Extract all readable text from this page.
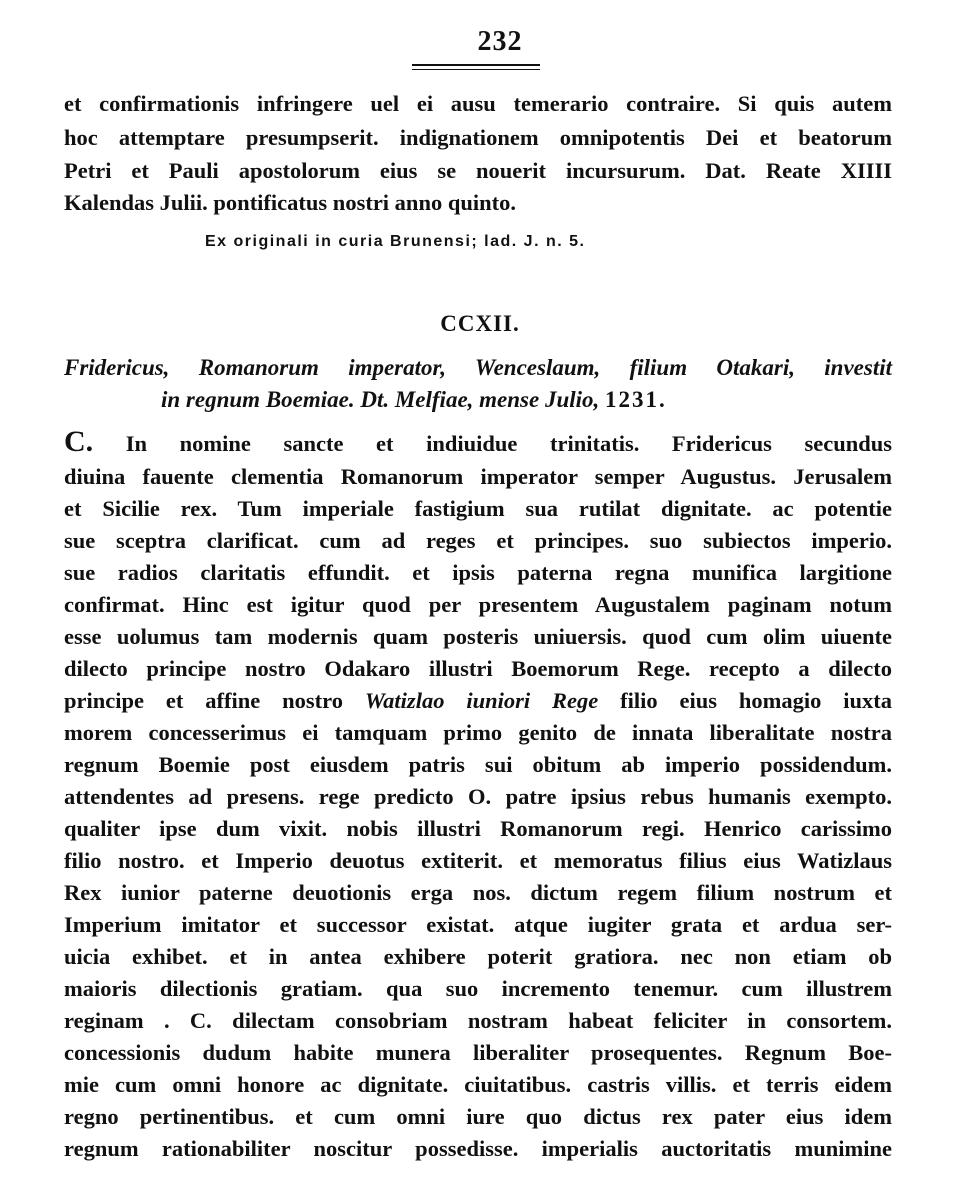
232
et confirmationis infringere uel ei ausu temerario contraire. Si quis autem
hoc attemptare presumpserit. indignationem omnipotentis Dei et beatorum
Petri et Pauli apostolorum eius se nouerit incursurum. Dat. Reate XIIII
Kalendas Julii. pontificatus nostri anno quinto.
Ex originali in curia Brunensi; lad. J. n. 5.
CCXII.
Fridericus, Romanorum imperator, Wenceslaum, filium Otakari, investit
in regnum Boemiae. Dt. Melfiae, mense Julio, 1231.
C. In nomine sancte et indiuidue trinitatis. Fridericus secundus
diuina fauente clementia Romanorum imperator semper Augustus. Jerusalem
et Sicilie rex. Tum imperiale fastigium sua rutilat dignitate. ac potentie
sue sceptra clarificat. cum ad reges et principes. suo subiectos imperio.
sue radios claritatis effundit. et ipsis paterna regna munifica largitione
confirmat. Hinc est igitur quod per presentem Augustalem paginam notum
esse uolumus tam modernis quam posteris uniuersis. quod cum olim uiuente
dilecto principe nostro Odakaro illustri Boemorum Rege. recepto a dilecto
principe et affine nostro Watizlao iuniori Rege filio eius homagio iuxta
morem concesserimus ei tamquam primo genito de innata liberalitate nostra
regnum Boemie post eiusdem patris sui obitum ab imperio possidendum.
attendentes ad presens. rege predicto O. patre ipsius rebus humanis exempto.
qualiter ipse dum vixit. nobis illustri Romanorum regi. Henrico carissimo
filio nostro. et Imperio deuotus extiterit. et memoratus filius eius Watizlaus
Rex iunior paterne deuotionis erga nos. dictum regem filium nostrum et
Imperium imitator et successor existat. atque iugiter grata et ardua ser-
uicia exhibet. et in antea exhibere poterit gratiora. nec non etiam ob
maioris dilectionis gratiam. qua suo incremento tenemur. cum illustrem
reginam . C. dilectam consobriam nostram habeat feliciter in consortem.
concessionis dudum habite munera liberaliter prosequentes. Regnum Boe-
mie cum omni honore ac dignitate. ciuitatibus. castris villis. et terris eidem
regno pertinentibus. et cum omni iure quo dictus rex pater eius idem
regnum rationabiliter noscitur possedisse. imperialis auctoritatis munimine
